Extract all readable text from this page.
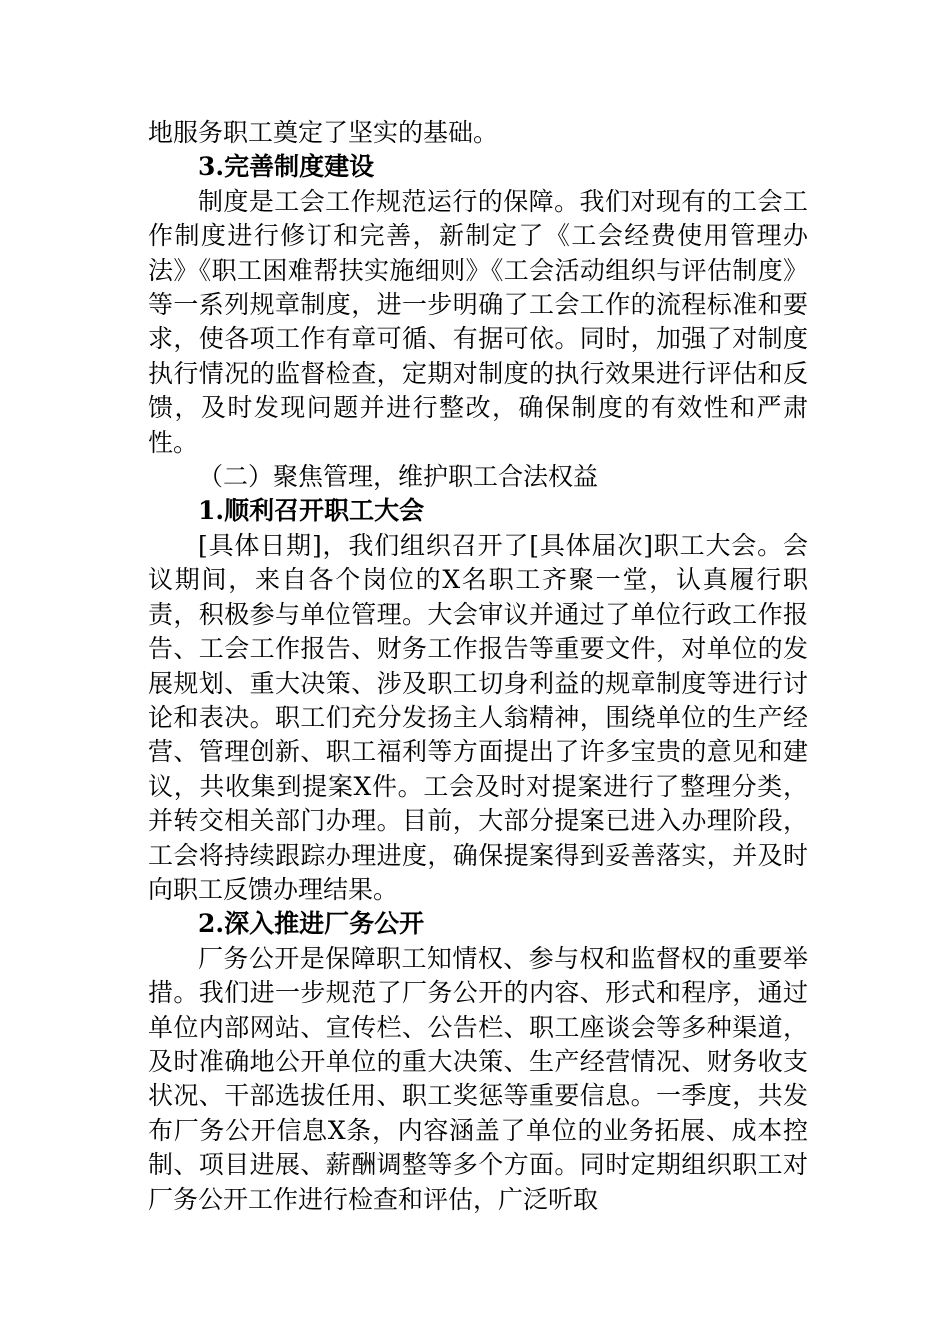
地服务职工奠定了坚实的基础。

3.完善制度建设

制度是工会工作规范运行的保障。我们对现有的工会工作制度进行修订和完善，新制定了《工会经费使用管理办法》《职工困难帮扶实施细则》《工会活动组织与评估制度》等一系列规章制度，进一步明确了工会工作的流程标准和要求，使各项工作有章可循、有据可依。同时，加强了对制度执行情况的监督检查，定期对制度的执行效果进行评估和反馈，及时发现问题并进行整改，确保制度的有效性和严肃性。

（二）聚焦管理，维护职工合法权益

1.顺利召开职工大会

[具体日期]，我们组织召开了[具体届次]职工大会。会议期间，来自各个岗位的X名职工齐聚一堂，认真履行职责，积极参与单位管理。大会审议并通过了单位行政工作报告、工会工作报告、财务工作报告等重要文件，对单位的发展规划、重大决策、涉及职工切身利益的规章制度等进行讨论和表决。职工们充分发扬主人翁精神，围绕单位的生产经营、管理创新、职工福利等方面提出了许多宝贵的意见和建议，共收集到提案X件。工会及时对提案进行了整理分类，并转交相关部门办理。目前，大部分提案已进入办理阶段，工会将持续跟踪办理进度，确保提案得到妥善落实，并及时向职工反馈办理结果。

2.深入推进厂务公开

厂务公开是保障职工知情权、参与权和监督权的重要举措。我们进一步规范了厂务公开的内容、形式和程序，通过单位内部网站、宣传栏、公告栏、职工座谈会等多种渠道，及时准确地公开单位的重大决策、生产经营情况、财务收支状况、干部选拔任用、职工奖惩等重要信息。一季度，共发布厂务公开信息X条，内容涵盖了单位的业务拓展、成本控制、项目进展、薪酬调整等多个方面。同时定期组织职工对厂务公开工作进行检查和评估，广泛听取
